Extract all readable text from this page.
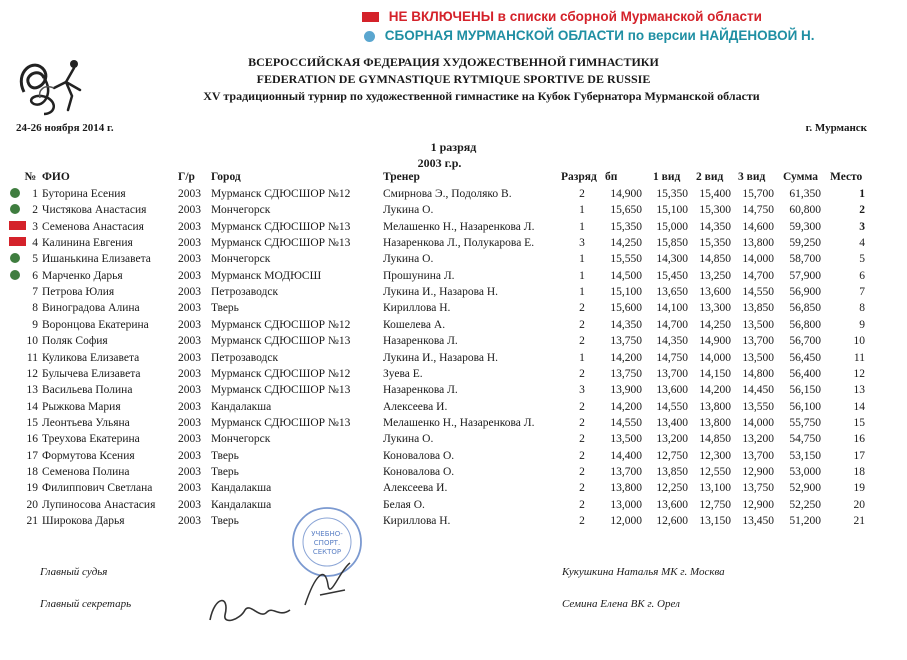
НЕ ВКЛЮЧЕНЫ в списки сборной Мурманской области
СБОРНАЯ МУРМАНСКОЙ ОБЛАСТИ по версии НАЙДЕНОВОЙ Н.
ВСЕРОССИЙСКАЯ ФЕДЕРАЦИЯ ХУДОЖЕСТВЕННОЙ ГИМНАСТИКИ
FEDERATION DE GYMNASTIQUE RYTMIQUE SPORTIVE DE RUSSIE
XV традиционный турнир по художественной гимнастике на Кубок Губернатора Мурманской области
24-26 ноября 2014 г.	г. Мурманск
1 разряд
2003 г.р.
№ ФИО	Г/р Город	Тренер	Разряд бп	1 вид 2 вид 3 вид Сумма Место
1 Буторина Есения	2003 Мурманск СДЮСШОР №12	Смирнова Э., Подоляко В.	2	14,900	15,350 15,400 15,700	61,350	1
2 Чистякова Анастасия	2003 Мончегорск	Лукина О.	1	15,650	15,100 15,300 14,750	60,800	2
3 Семенова Анастасия	2003 Мурманск СДЮСШОР №13	Мелашенко Н., Назаренкова Л.	1	15,350	15,000 14,350 14,600	59,300	3
4 Калинина Евгения	2003 Мурманск СДЮСШОР №13	Назаренкова Л., Полукарова Е.	3	14,250	15,850 15,350 13,800	59,250	4
5 Ишанькина Елизавета 2003 Мончегорск	Лукина О.	1	15,550	14,300 14,850 14,000	58,700	5
6 Марченко Дарья	2003 Мурманск МОДЮСШ	Прошунина Л.	1	14,500	15,450 13,250 14,700	57,900	6
7 Петрова Юлия	2003 Петрозаводск	Лукина И., Назарова Н.	1	15,100	13,650 13,600 14,550	56,900	7
8 Виноградова Алина	2003 Тверь	Кириллова Н.	2	15,600	14,100 13,300 13,850	56,850	8
9 Воронцова Екатерина	2003 Мурманск СДЮСШОР №12	Кошелева А.	2	14,350	14,700 14,250 13,500	56,800	9
10 Поляк София	2003 Мурманск СДЮСШОР №13	Назаренкова Л.	2	13,750	14,350 14,900 13,700	56,700	10
11 Куликова Елизавета	2003 Петрозаводск	Лукина И., Назарова Н.	1	14,200	14,750 14,000 13,500	56,450	11
12 Булычева Елизавета	2003 Мурманск СДЮСШОР №12	Зуева Е.	2	13,750	13,700 14,150 14,800	56,400	12
13 Васильева Полина	2003 Мурманск СДЮСШОР №13	Назаренкова Л.	3	13,900	13,600 14,200 14,450	56,150	13
14 Рыжкова Мария	2003 Кандалакша	Алексеева И.	2	14,200	14,550 13,800 13,550	56,100	14
15 Леонтьева Ульяна	2003 Мурманск СДЮСШОР №13	Мелашенко Н., Назаренкова Л.	2	14,550	13,400 13,800 14,000	55,750	15
16 Треухова Екатерина	2003 Мончегорск	Лукина О.	2	13,500	13,200 14,850 13,200	54,750	16
17 Формутова Ксения	2003 Тверь	Коновалова О.	2	14,400	12,750 12,300 13,700	53,150	17
18 Семенова Полина	2003 Тверь	Коновалова О.	2	13,700	13,850 12,550 12,900	53,000	18
19 Филиппович Светлана 2003 Кандалакша	Алексеева И.	2	13,800	12,250 13,100 13,750	52,900	19
20 Лупиносова Анастасия 2003 Кандалакша	Белая О.	2	13,000	13,600 12,750 12,900	52,250	20
21 Широкова Дарья	2003 Тверь	Кириллова Н.	2	12,000	12,600 13,150 13,450	51,200	21
Главный судья	Кукушкина Наталья МК г. Москва
Главный секретарь	Семина Елена ВК г. Орел
УЧЕБНО-
СПОРТ.
СЕКТОР
